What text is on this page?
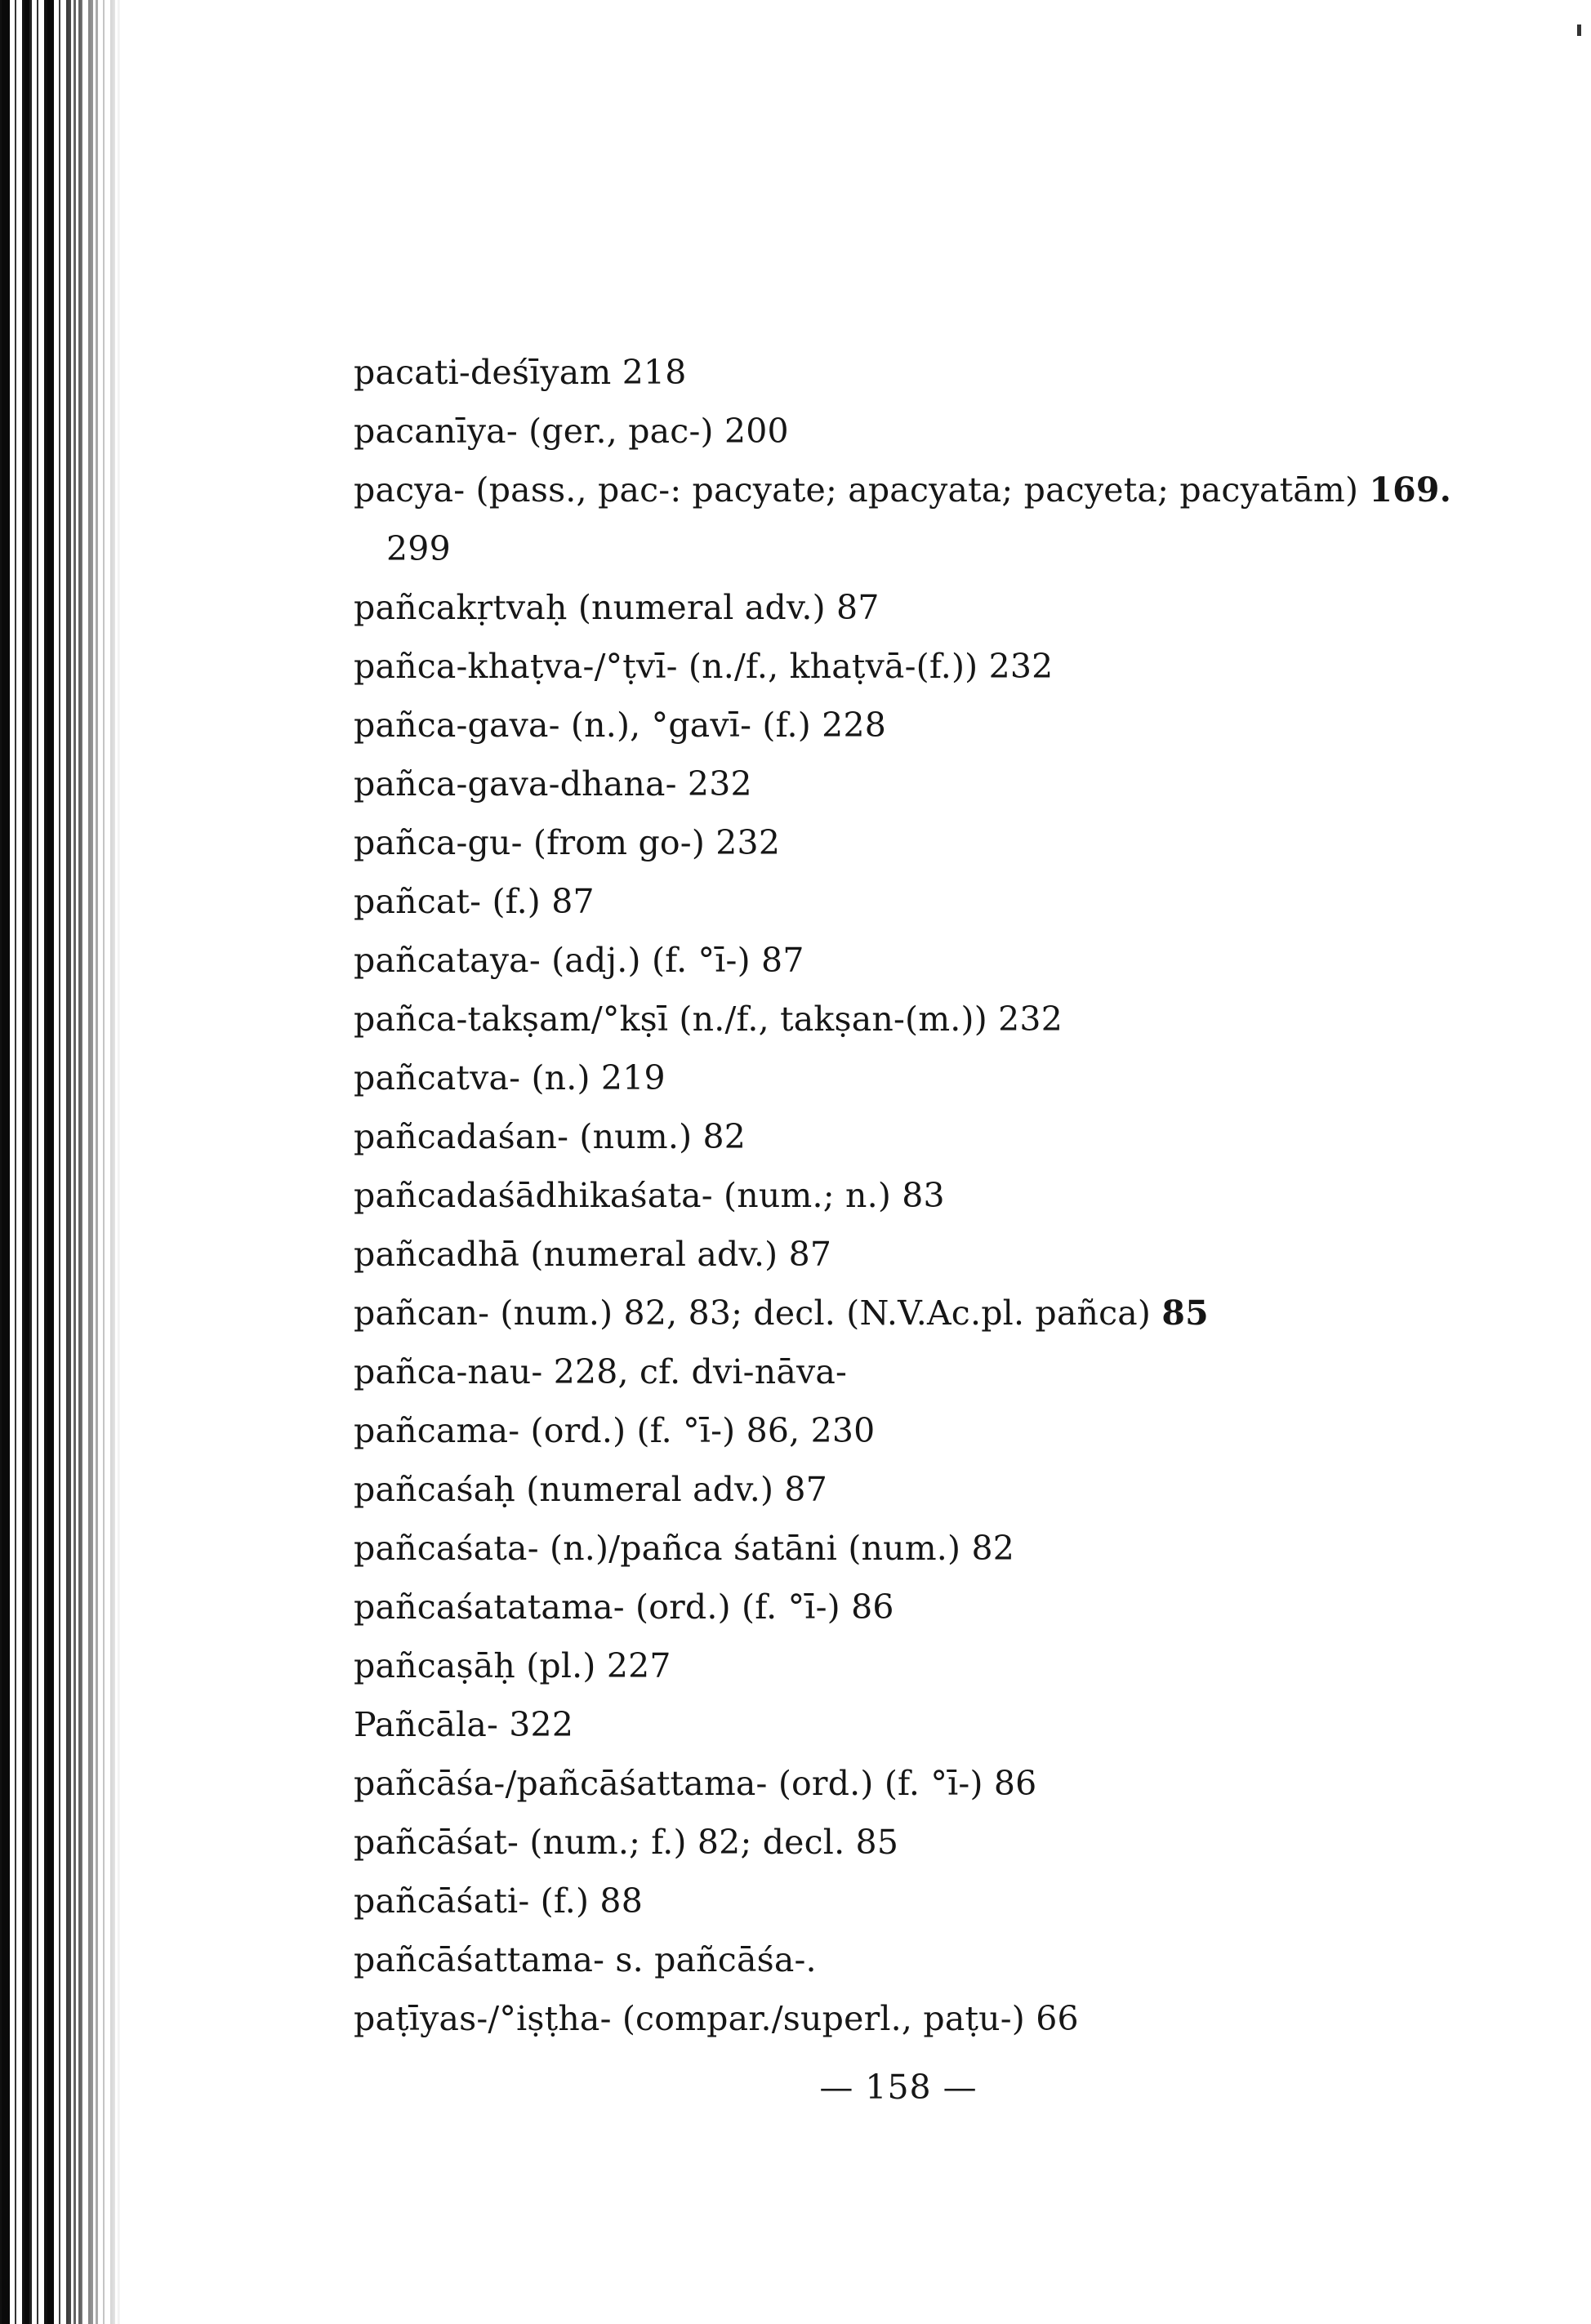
pacati-deśīyam 218
pacanīya- (ger., pac-) 200
pacya- (pass., pac-: pacyate; apacyata; pacyeta; pacyatām) 169.
299
pañcakṛtvaḥ (numeral adv.) 87
pañca-khaṭva-/°ṭvī- (n./f., khaṭvā-(f.)) 232
pañca-gava- (n.), °gavī- (f.) 228
pañca-gava-dhana- 232
pañca-gu- (from go-) 232
pañcat- (f.) 87
pañcataya- (adj.) (f. °ī-) 87
pañca-takṣam/°kṣī (n./f., takṣan-(m.)) 232
pañcatva- (n.) 219
pañcadaśan- (num.) 82
pañcadaśādhikaśata- (num.; n.) 83
pañcadhā (numeral adv.) 87
pañcan- (num.) 82, 83; decl. (N.V.Ac.pl. pañca) 85
pañca-nau- 228, cf. dvi-nāva-
pañcama- (ord.) (f. °ī-) 86, 230
pañcaśaḥ (numeral adv.) 87
pañcaśata- (n.)/pañca śatāni (num.) 82
pañcaśatatama- (ord.) (f. °ī-) 86
pañcaṣāḥ (pl.) 227
Pañcāla- 322
pañcāśa-/pañcāśattama- (ord.) (f. °ī-) 86
pañcāśat- (num.; f.) 82; decl. 85
pañcāśati- (f.) 88
pañcāśattama- s. pañcāśa-.
paṭīyas-/°iṣṭha- (compar./superl., paṭu-) 66
— 158 —
